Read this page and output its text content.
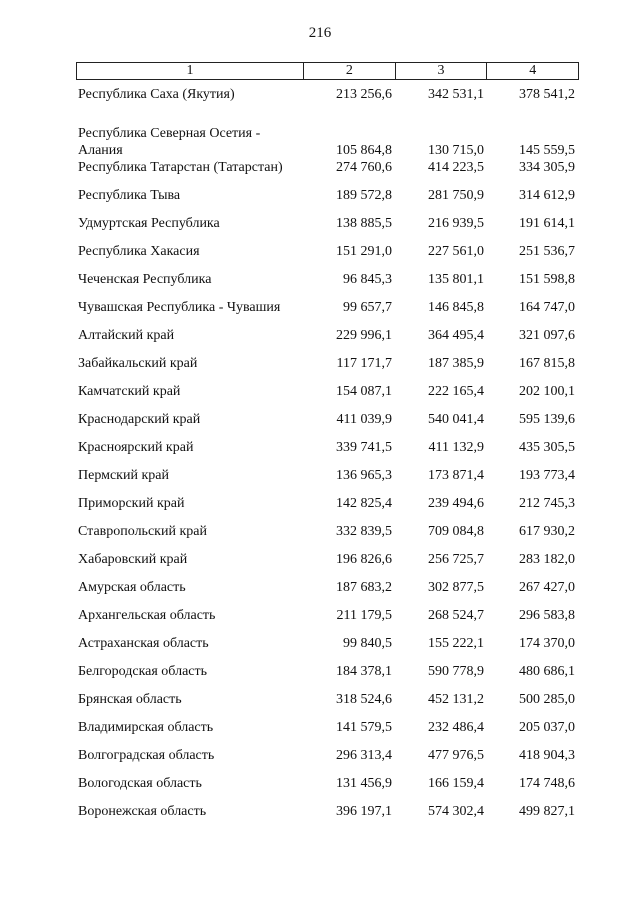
216
1	2	3	4
Республика Саха (Якутия)	213 256,6	342 531,1	378 541,2
Республика Северная Осетия -
Алания	105 864,8	130 715,0	145 559,5
Республика Татарстан (Татарстан)	274 760,6	414 223,5	334 305,9
Республика Тыва	189 572,8	281 750,9	314 612,9
Удмуртская Республика	138 885,5	216 939,5	191 614,1
Республика Хакасия	151 291,0	227 561,0	251 536,7
Чеченская Республика	96 845,3	135 801,1	151 598,8
Чувашская Республика - Чувашия	99 657,7	146 845,8	164 747,0
Алтайский край	229 996,1	364 495,4	321 097,6
Забайкальский край	117 171,7	187 385,9	167 815,8
Камчатский край	154 087,1	222 165,4	202 100,1
Краснодарский край	411 039,9	540 041,4	595 139,6
Красноярский край	339 741,5	411 132,9	435 305,5
Пермский край	136 965,3	173 871,4	193 773,4
Приморский край	142 825,4	239 494,6	212 745,3
Ставропольский край	332 839,5	709 084,8	617 930,2
Хабаровский край	196 826,6	256 725,7	283 182,0
Амурская область	187 683,2	302 877,5	267 427,0
Архангельская область	211 179,5	268 524,7	296 583,8
Астраханская область	99 840,5	155 222,1	174 370,0
Белгородская область	184 378,1	590 778,9	480 686,1
Брянская область	318 524,6	452 131,2	500 285,0
Владимирская область	141 579,5	232 486,4	205 037,0
Волгоградская область	296 313,4	477 976,5	418 904,3
Вологодская область	131 456,9	166 159,4	174 748,6
Воронежская область	396 197,1	574 302,4	499 827,1
